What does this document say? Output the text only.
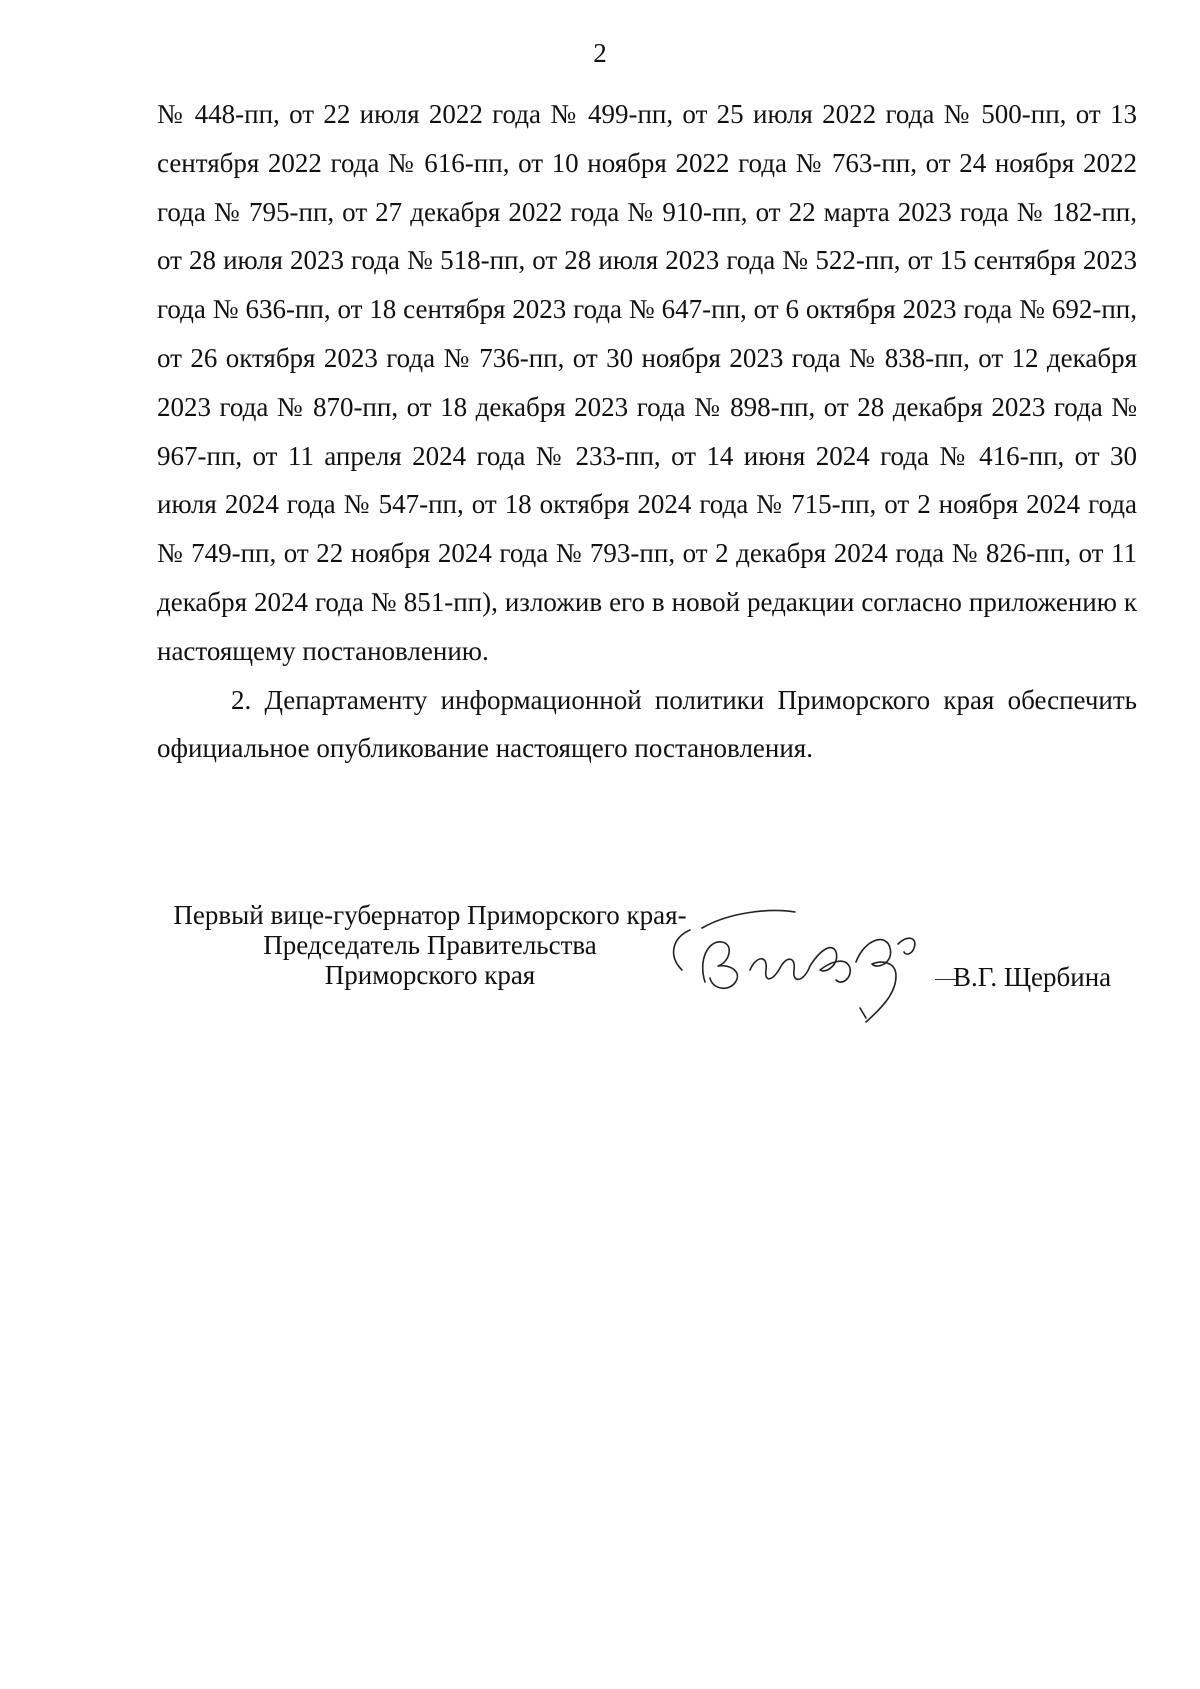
2

№ 448-пп, от 22 июля 2022 года № 499-пп, от 25 июля 2022 года № 500-пп, от 13 сентября 2022 года № 616-пп, от 10 ноября 2022 года № 763-пп, от 24 ноября 2022 года № 795-пп, от 27 декабря 2022 года № 910-пп, от 22 марта 2023 года № 182-пп, от 28 июля 2023 года № 518-пп, от 28 июля 2023 года № 522-пп, от 15 сентября 2023 года № 636-пп, от 18 сентября 2023 года № 647-пп, от 6 октября 2023 года № 692-пп, от 26 октября 2023 года № 736-пп, от 30 ноября 2023 года № 838-пп, от 12 декабря 2023 года № 870-пп, от 18 декабря 2023 года № 898-пп, от 28 декабря 2023 года № 967-пп, от 11 апреля 2024 года № 233-пп, от 14 июня 2024 года № 416-пп, от 30 июля 2024 года № 547-пп, от 18 октября 2024 года № 715-пп, от 2 ноября 2024 года № 749-пп, от 22 ноября 2024 года № 793-пп, от 2 декабря 2024 года № 826-пп, от 11 декабря 2024 года № 851-пп), изложив его в новой редакции согласно приложению к настоящему постановлению.

2. Департаменту информационной политики Приморского края обеспечить официальное опубликование настоящего постановления.

Первый вице-губернатор Приморского края-
Председатель Правительства
Приморского края	В.Г. Щербина
